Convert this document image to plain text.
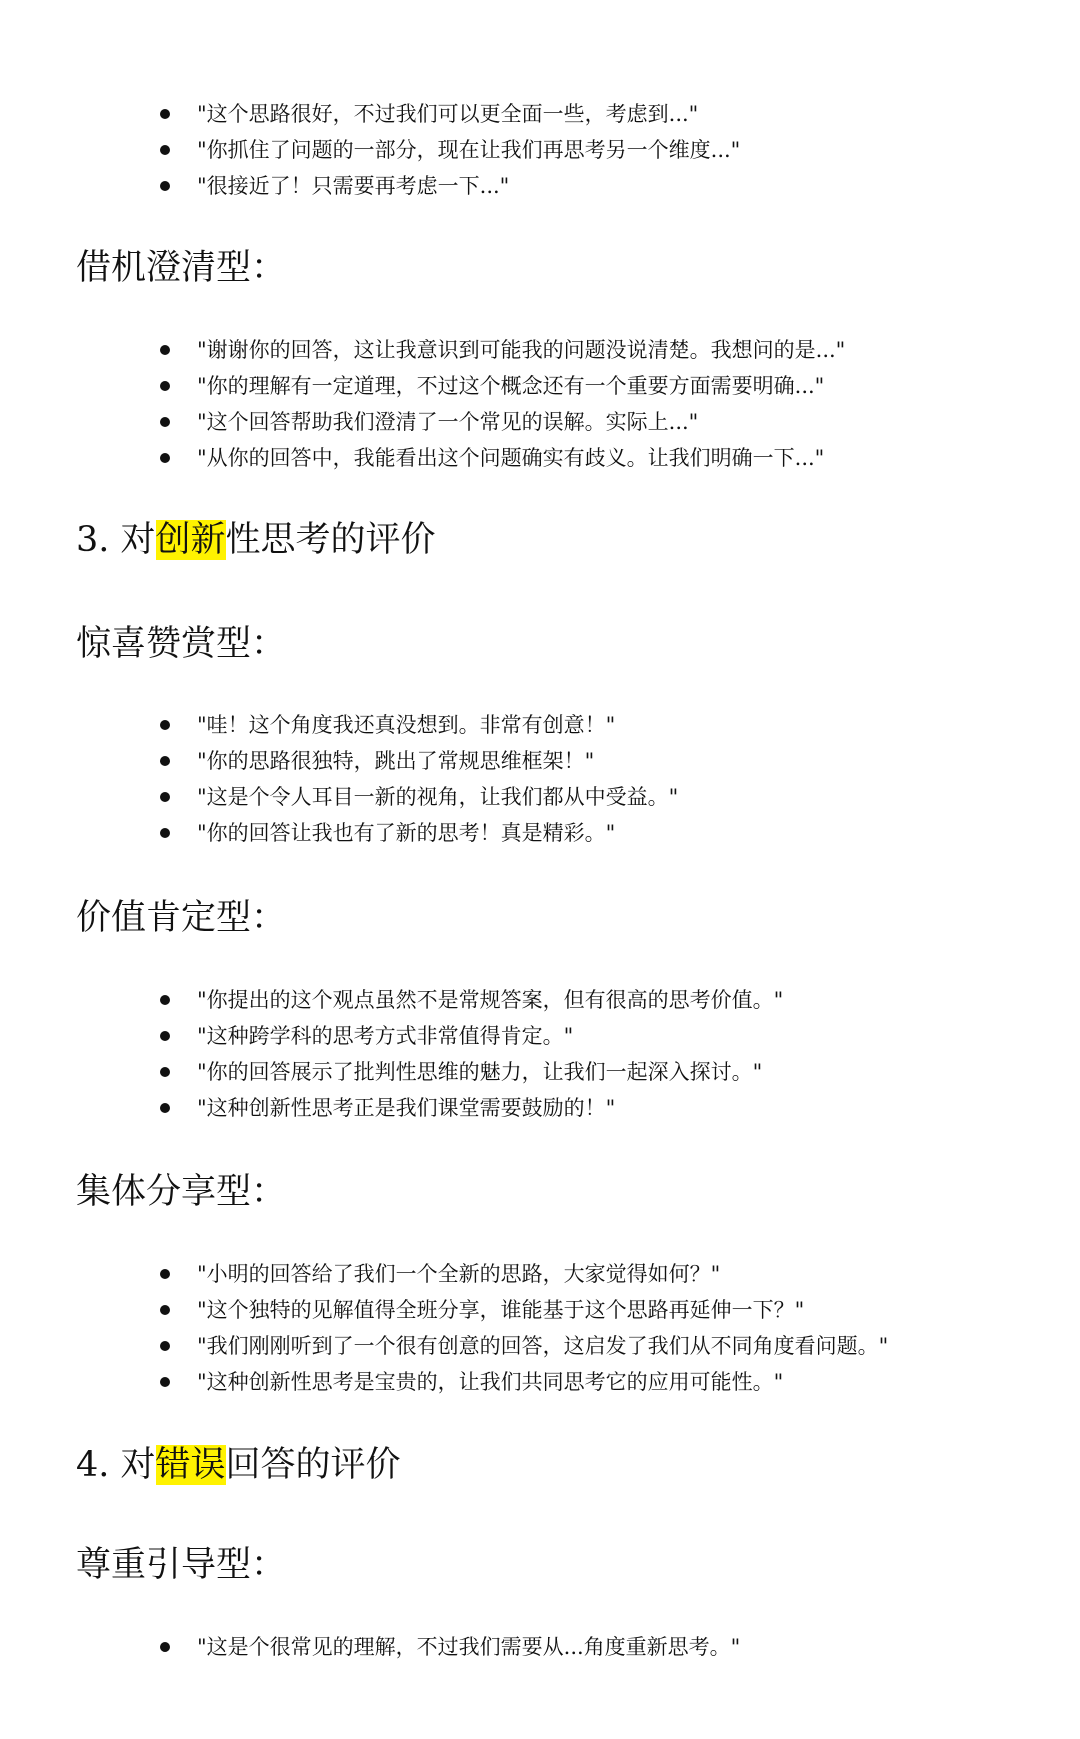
"这个思路很好，不过我们可以更全面一些，考虑到..."
"你抓住了问题的一部分，现在让我们再思考另一个维度..."
"很接近了！只需要再考虑一下..."
借机澄清型：
"谢谢你的回答，这让我意识到可能我的问题没说清楚。我想问的是..."
"你的理解有一定道理，不过这个概念还有一个重要方面需要明确..."
"这个回答帮助我们澄清了一个常见的误解。实际上..."
"从你的回答中，我能看出这个问题确实有歧义。让我们明确一下..."
3. 对创新性思考的评价
惊喜赞赏型：
"哇！这个角度我还真没想到。非常有创意！"
"你的思路很独特，跳出了常规思维框架！"
"这是个令人耳目一新的视角，让我们都从中受益。"
"你的回答让我也有了新的思考！真是精彩。"
价值肯定型：
"你提出的这个观点虽然不是常规答案，但有很高的思考价值。"
"这种跨学科的思考方式非常值得肯定。"
"你的回答展示了批判性思维的魅力，让我们一起深入探讨。"
"这种创新性思考正是我们课堂需要鼓励的！"
集体分享型：
"小明的回答给了我们一个全新的思路，大家觉得如何？"
"这个独特的见解值得全班分享，谁能基于这个思路再延伸一下？"
"我们刚刚听到了一个很有创意的回答，这启发了我们从不同角度看问题。"
"这种创新性思考是宝贵的，让我们共同思考它的应用可能性。"
4. 对错误回答的评价
尊重引导型：
"这是个很常见的理解，不过我们需要从...角度重新思考。"
